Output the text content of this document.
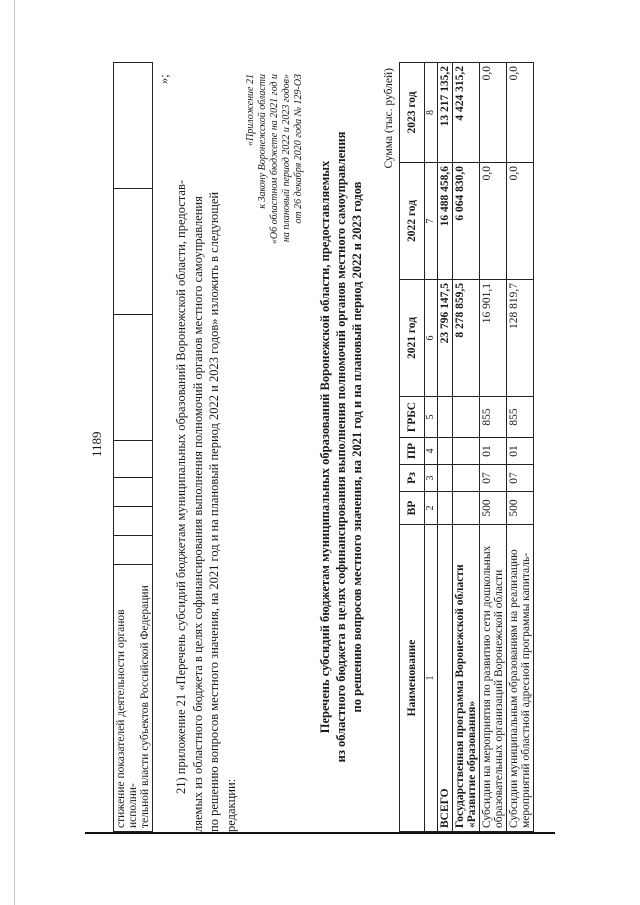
1189
стижение показателей деятельности органов исполни- тельной власти субъектов Российской Федерации

»;
21) приложение 21 «Перечень субсидий бюджетам муниципальных образований Воронежской области, предостав- ляемых из областного бюджета в целях софинансирования выполнения полномочий органов местного самоуправления по решению вопросов местного значения, на 2021 год и на плановый период 2022 и 2023 годов» изложить в следующей редакции:
«Приложение 21 к Закону Воронежской области «Об областном бюджете на 2021 год и на плановый период 2022 и 2023 годов» от 26 декабря 2020 года № 129-ОЗ
Перечень субсидий бюджетам муниципальных образований Воронежской области, предоставляемых из областного бюджета в целях софинансирования выполнения полномочий органов местного самоуправления по решению вопросов местного значения, на 2021 год и на плановый период 2022 и 2023 годов
Сумма (тыс. рублей)
Наименование	ВР	Рз	ПР	ГРБС	2021 год	2022 год	2023 год
1	2	3	4	5	6	7	8

ВСЕГО					23 796 147,5	16 488 458,6	13 217 135,2

Государственная программа Воронежской области «Развитие образования»					8 278 859,5	6 064 830,0	4 424 315,2

Субсидии на мероприятия по развитию сети дошкольных образовательных организаций Воронежской области	500	07	01	855	16 901,1	0,0	0,0

Субсидии муниципальным образованиям на реализацию мероприятий областной адресной программы капиталь-	500	07	01	855	128 819,7	0,0	0,0
